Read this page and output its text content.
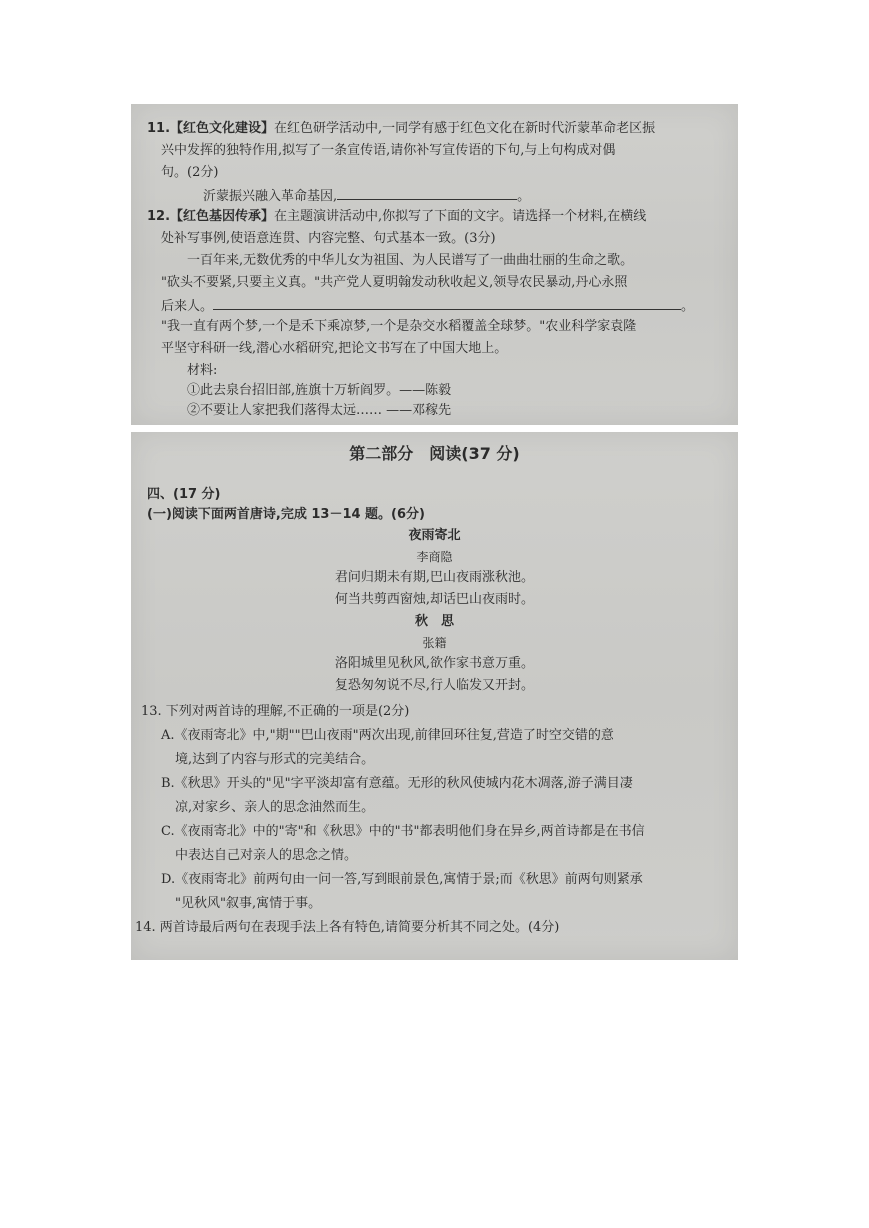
11.【红色文化建设】在红色研学活动中,一同学有感于红色文化在新时代沂蒙革命老区振
兴中发挥的独特作用,拟写了一条宣传语,请你补写宣传语的下句,与上句构成对偶
句。(2分)
沂蒙振兴融入革命基因,	。
12.【红色基因传承】在主题演讲活动中,你拟写了下面的文字。请选择一个材料,在横线
处补写事例,使语意连贯、内容完整、句式基本一致。(3分)
一百年来,无数优秀的中华儿女为祖国、为人民谱写了一曲曲壮丽的生命之歌。
"砍头不要紧,只要主义真。"共产党人夏明翰发动秋收起义,领导农民暴动,丹心永照
后来人。	。
"我一直有两个梦,一个是禾下乘凉梦,一个是杂交水稻覆盖全球梦。"农业科学家袁隆
平坚守科研一线,潜心水稻研究,把论文书写在了中国大地上。
材料:
①此去泉台招旧部,旌旗十万斩阎罗。——陈毅
②不要让人家把我们落得太远…… ——邓稼先
第二部分　阅读(37 分)
四、(17 分)
(一)阅读下面两首唐诗,完成 13－14 题。(6分)
夜雨寄北
李商隐
君问归期未有期,巴山夜雨涨秋池。
何当共剪西窗烛,却话巴山夜雨时。
秋　思
张籍
洛阳城里见秋风,欲作家书意万重。
复恐匆匆说不尽,行人临发又开封。
13. 下列对两首诗的理解,不正确的一项是(2分)
A.《夜雨寄北》中,"期""巴山夜雨"两次出现,前律回环往复,营造了时空交错的意
境,达到了内容与形式的完美结合。
B.《秋思》开头的"见"字平淡却富有意蕴。无形的秋风使城内花木凋落,游子满目凄
凉,对家乡、亲人的思念油然而生。
C.《夜雨寄北》中的"寄"和《秋思》中的"书"都表明他们身在异乡,两首诗都是在书信
中表达自己对亲人的思念之情。
D.《夜雨寄北》前两句由一问一答,写到眼前景色,寓情于景;而《秋思》前两句则紧承
"见秋风"叙事,寓情于事。
14. 两首诗最后两句在表现手法上各有特色,请简要分析其不同之处。(4分)
